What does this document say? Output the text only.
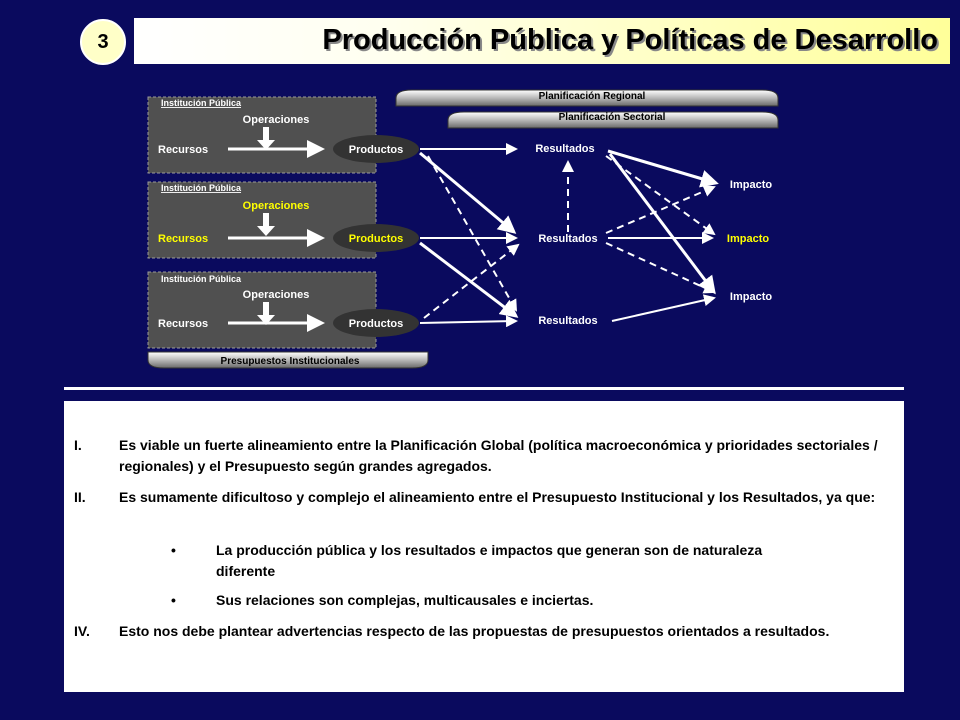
3	Producción Pública y Políticas de Desarrollo
Planificación Regional
Planificación Sectorial
Presupuestos Institucionales
Institución Pública
Operaciones
Recursos	Productos
Institución Pública
Operaciones
Recursos	Productos
Institución Pública
Operaciones
Recursos	Productos
Resultados
Resultados
Resultados
Impacto
Impacto
Impacto
I.	Es viable un fuerte alineamiento entre la Planificación Global (política macroeconómica y prioridades sectoriales / regionales) y el Presupuesto según grandes agregados.

II. Es sumamente dificultoso y complejo el alineamiento entre el Presupuesto Institucional y los Resultados, ya que:

•	La producción pública y los resultados e impactos que generan son de naturaleza diferente

•	Sus relaciones son complejas, multicausales e inciertas.

IV. Esto nos debe plantear advertencias respecto de las propuestas de presupuestos orientados a resultados.
